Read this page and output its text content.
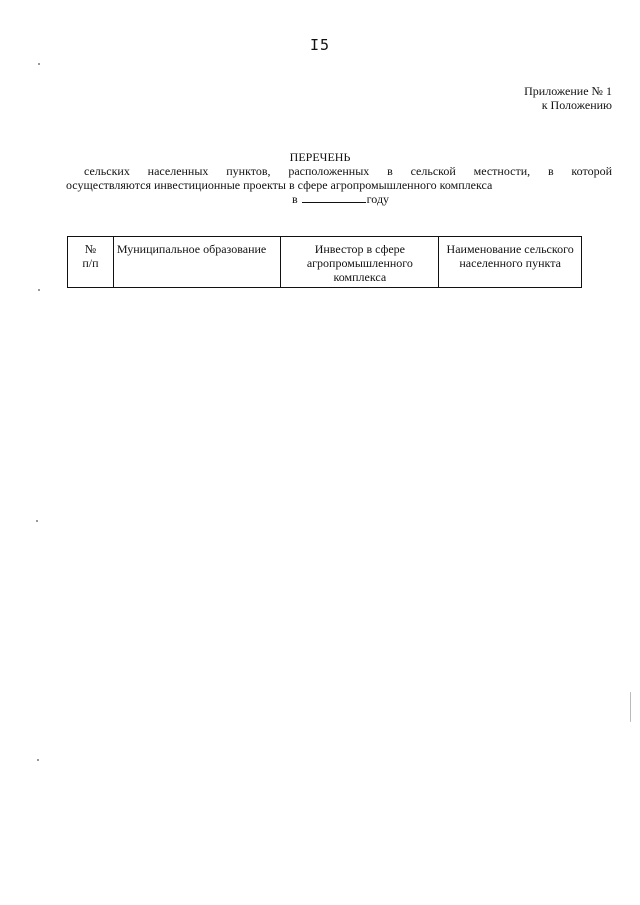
I5
Приложение № 1
к Положению
ПЕРЕЧЕНЬ
сельских населенных пунктов, расположенных в сельской местности, в которой
осуществляются инвестиционные проекты в сфере агропромышленного комплекса
в	году
№
п/п
	Муниципальное образование	Инвестор в сфере агропромышленного комплекса	Наименование сельского населенного пункта
